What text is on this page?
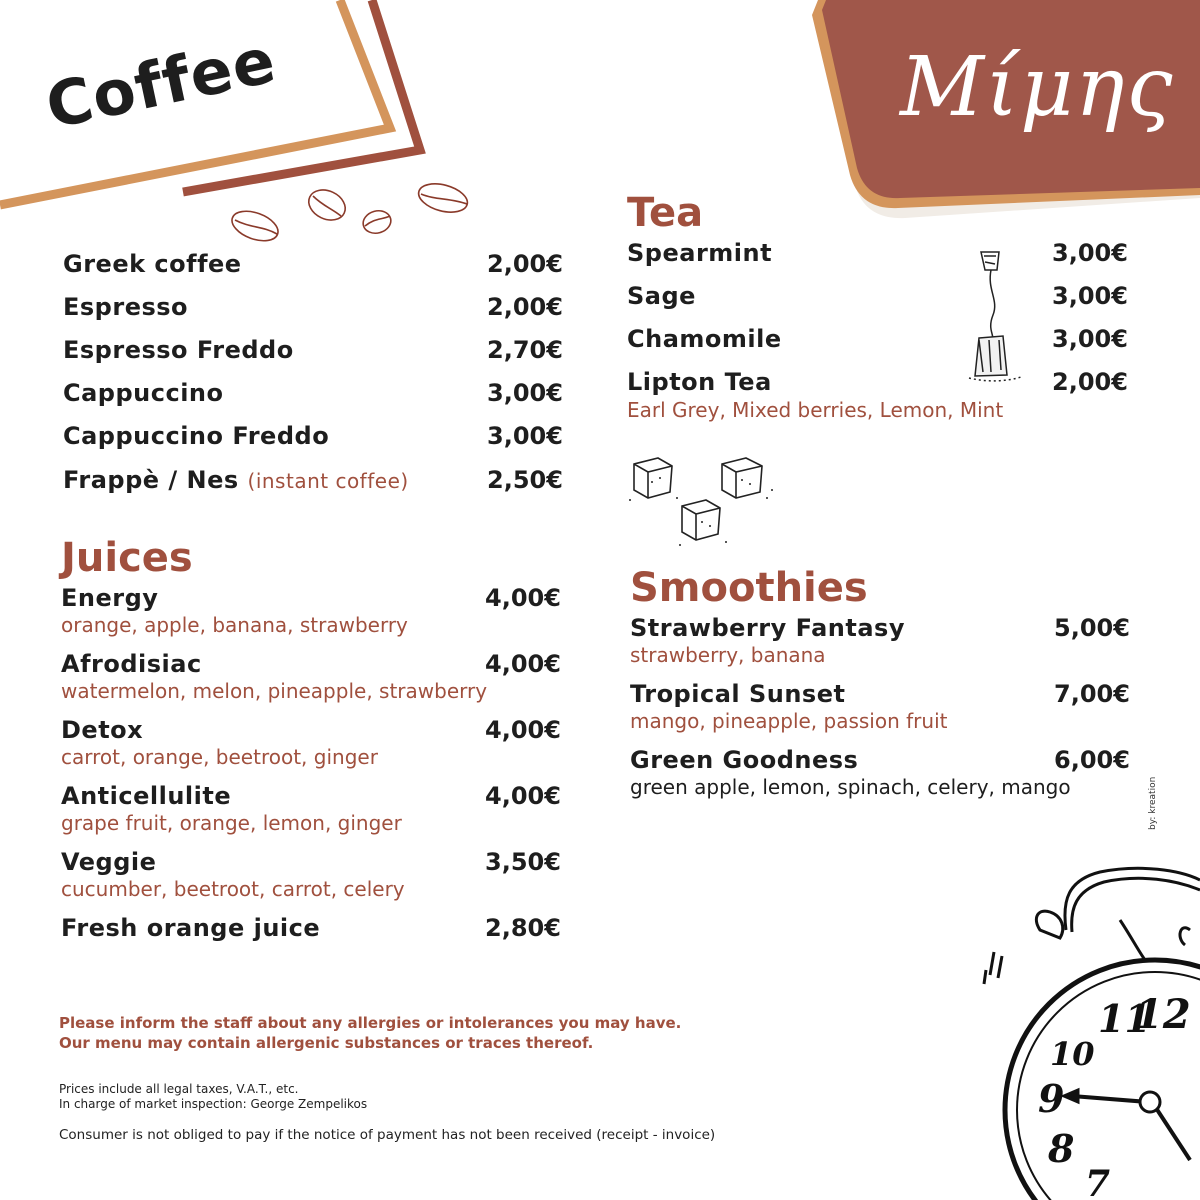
Coffee	Μίμης
Greek coffee	2,00€
Espresso	2,00€
Espresso Freddo	2,70€
Cappuccino	3,00€
Cappuccino Freddo	3,00€
Frappè / Nes (instant coffee)	2,50€
Juices
Energy	4,00€
orange, apple, banana, strawberry
Afrodisiac	4,00€
watermelon, melon, pineapple, strawberry
Detox	4,00€
carrot, orange, beetroot, ginger
Anticellulite	4,00€
grape fruit, orange, lemon, ginger
Veggie	3,50€
cucumber, beetroot, carrot, celery
Fresh orange juice	2,80€
Tea
Spearmint	3,00€
Sage	3,00€
Chamomile	3,00€
Lipton Tea	2,00€
Earl Grey, Mixed berries, Lemon, Mint
Smoothies
Strawberry Fantasy	5,00€
strawberry, banana
Tropical Sunset	7,00€
mango, pineapple, passion fruit
Green Goodness	6,00€
green apple, lemon, spinach, celery, mango	by: kreation
11
12
10
9
8
7
Please inform the staff about any allergies or intolerances you may have.
Our menu may contain allergenic substances or traces thereof.
Prices include all legal taxes, V.A.T., etc.
In charge of market inspection: George Zempelikos
Consumer is not obliged to pay if the notice of payment has not been received (receipt - invoice)
